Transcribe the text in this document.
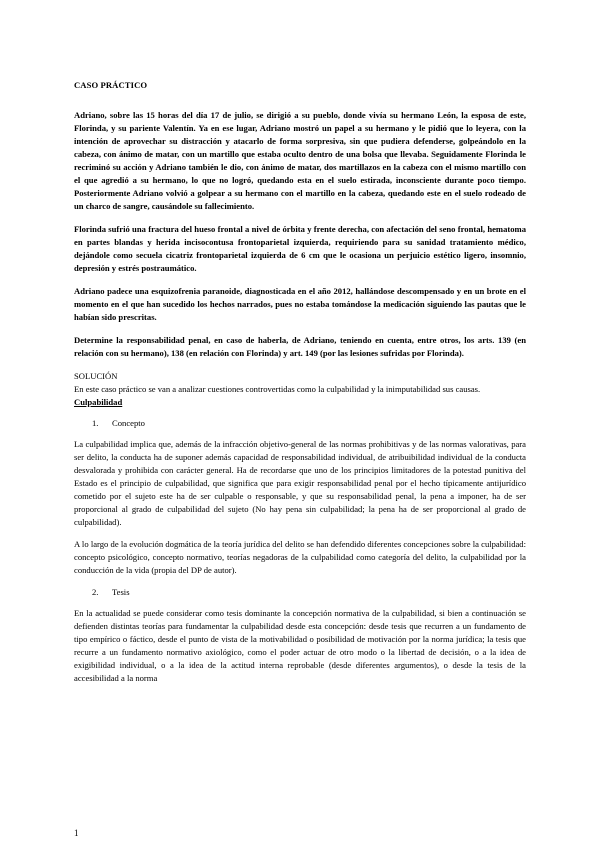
CASO PRÁCTICO

Adriano, sobre las 15 horas del día 17 de julio, se dirigió a su pueblo, donde vivía su hermano León, la esposa de este, Florinda, y su pariente Valentín. Ya en ese lugar, Adriano mostró un papel a su hermano y le pidió que lo leyera, con la intención de aprovechar su distracción y atacarlo de forma sorpresiva, sin que pudiera defenderse, golpeándolo en la cabeza, con ánimo de matar, con un martillo que estaba oculto dentro de una bolsa que llevaba. Seguidamente Florinda le recriminó su acción y Adriano también le dio, con ánimo de matar, dos martillazos en la cabeza con el mismo martillo con el que agredió a su hermano, lo que no logró, quedando esta en el suelo estirada, inconsciente durante poco tiempo. Posteriormente Adriano volvió a golpear a su hermano con el martillo en la cabeza, quedando este en el suelo rodeado de un charco de sangre, causándole su fallecimiento.

Florinda sufrió una fractura del hueso frontal a nivel de órbita y frente derecha, con afectación del seno frontal, hematoma en partes blandas y herida incisocontusa frontoparietal izquierda, requiriendo para su sanidad tratamiento médico, dejándole como secuela cicatriz frontoparietal izquierda de 6 cm que le ocasiona un perjuicio estético ligero, insomnio, depresión y estrés postraumático.

Adriano padece una esquizofrenia paranoide, diagnosticada en el año 2012, hallándose descompensado y en un brote en el momento en el que han sucedido los hechos narrados, pues no estaba tomándose la medicación siguiendo las pautas que le habían sido prescritas.

Determine la responsabilidad penal, en caso de haberla, de Adriano, teniendo en cuenta, entre otros, los arts. 139 (en relación con su hermano), 138 (en relación con Florinda) y art. 149 (por las lesiones sufridas por Florinda).

SOLUCIÓN

En este caso práctico se van a analizar cuestiones controvertidas como la culpabilidad y la inimputabilidad sus causas.

Culpabilidad

1.	Concepto

La culpabilidad implica que, además de la infracción objetivo-general de las normas prohibitivas y de las normas valorativas, para ser delito, la conducta ha de suponer además capacidad de responsabilidad individual, de atribuibilidad individual de la conducta desvalorada y prohibida con carácter general. Ha de recordarse que uno de los principios limitadores de la potestad punitiva del Estado es el principio de culpabilidad, que significa que para exigir responsabilidad penal por el hecho típicamente antijurídico cometido por el sujeto este ha de ser culpable o responsable, y que su responsabilidad penal, la pena a imponer, ha de ser proporcional al grado de culpabilidad del sujeto (No hay pena sin culpabilidad; la pena ha de ser proporcional al grado de culpabilidad).

A lo largo de la evolución dogmática de la teoría jurídica del delito se han defendido diferentes concepciones sobre la culpabilidad: concepto psicológico, concepto normativo, teorías negadoras de la culpabilidad como categoría del delito, la culpabilidad por la conducción de la vida (propia del DP de autor).

2.	Tesis

En la actualidad se puede considerar como tesis dominante la concepción normativa de la culpabilidad, si bien a continuación se defienden distintas teorías para fundamentar la culpabilidad desde esta concepción: desde tesis que recurren a un fundamento de tipo empírico o fáctico, desde el punto de vista de la motivabilidad o posibilidad de motivación por la norma jurídica; la tesis que recurre a un fundamento normativo axiológico, como el poder actuar de otro modo o la libertad de decisión, o a la idea de exigibilidad individual, o a la idea de la actitud interna reprobable (desde diferentes argumentos), o desde la tesis de la accesibilidad a la norma

1
